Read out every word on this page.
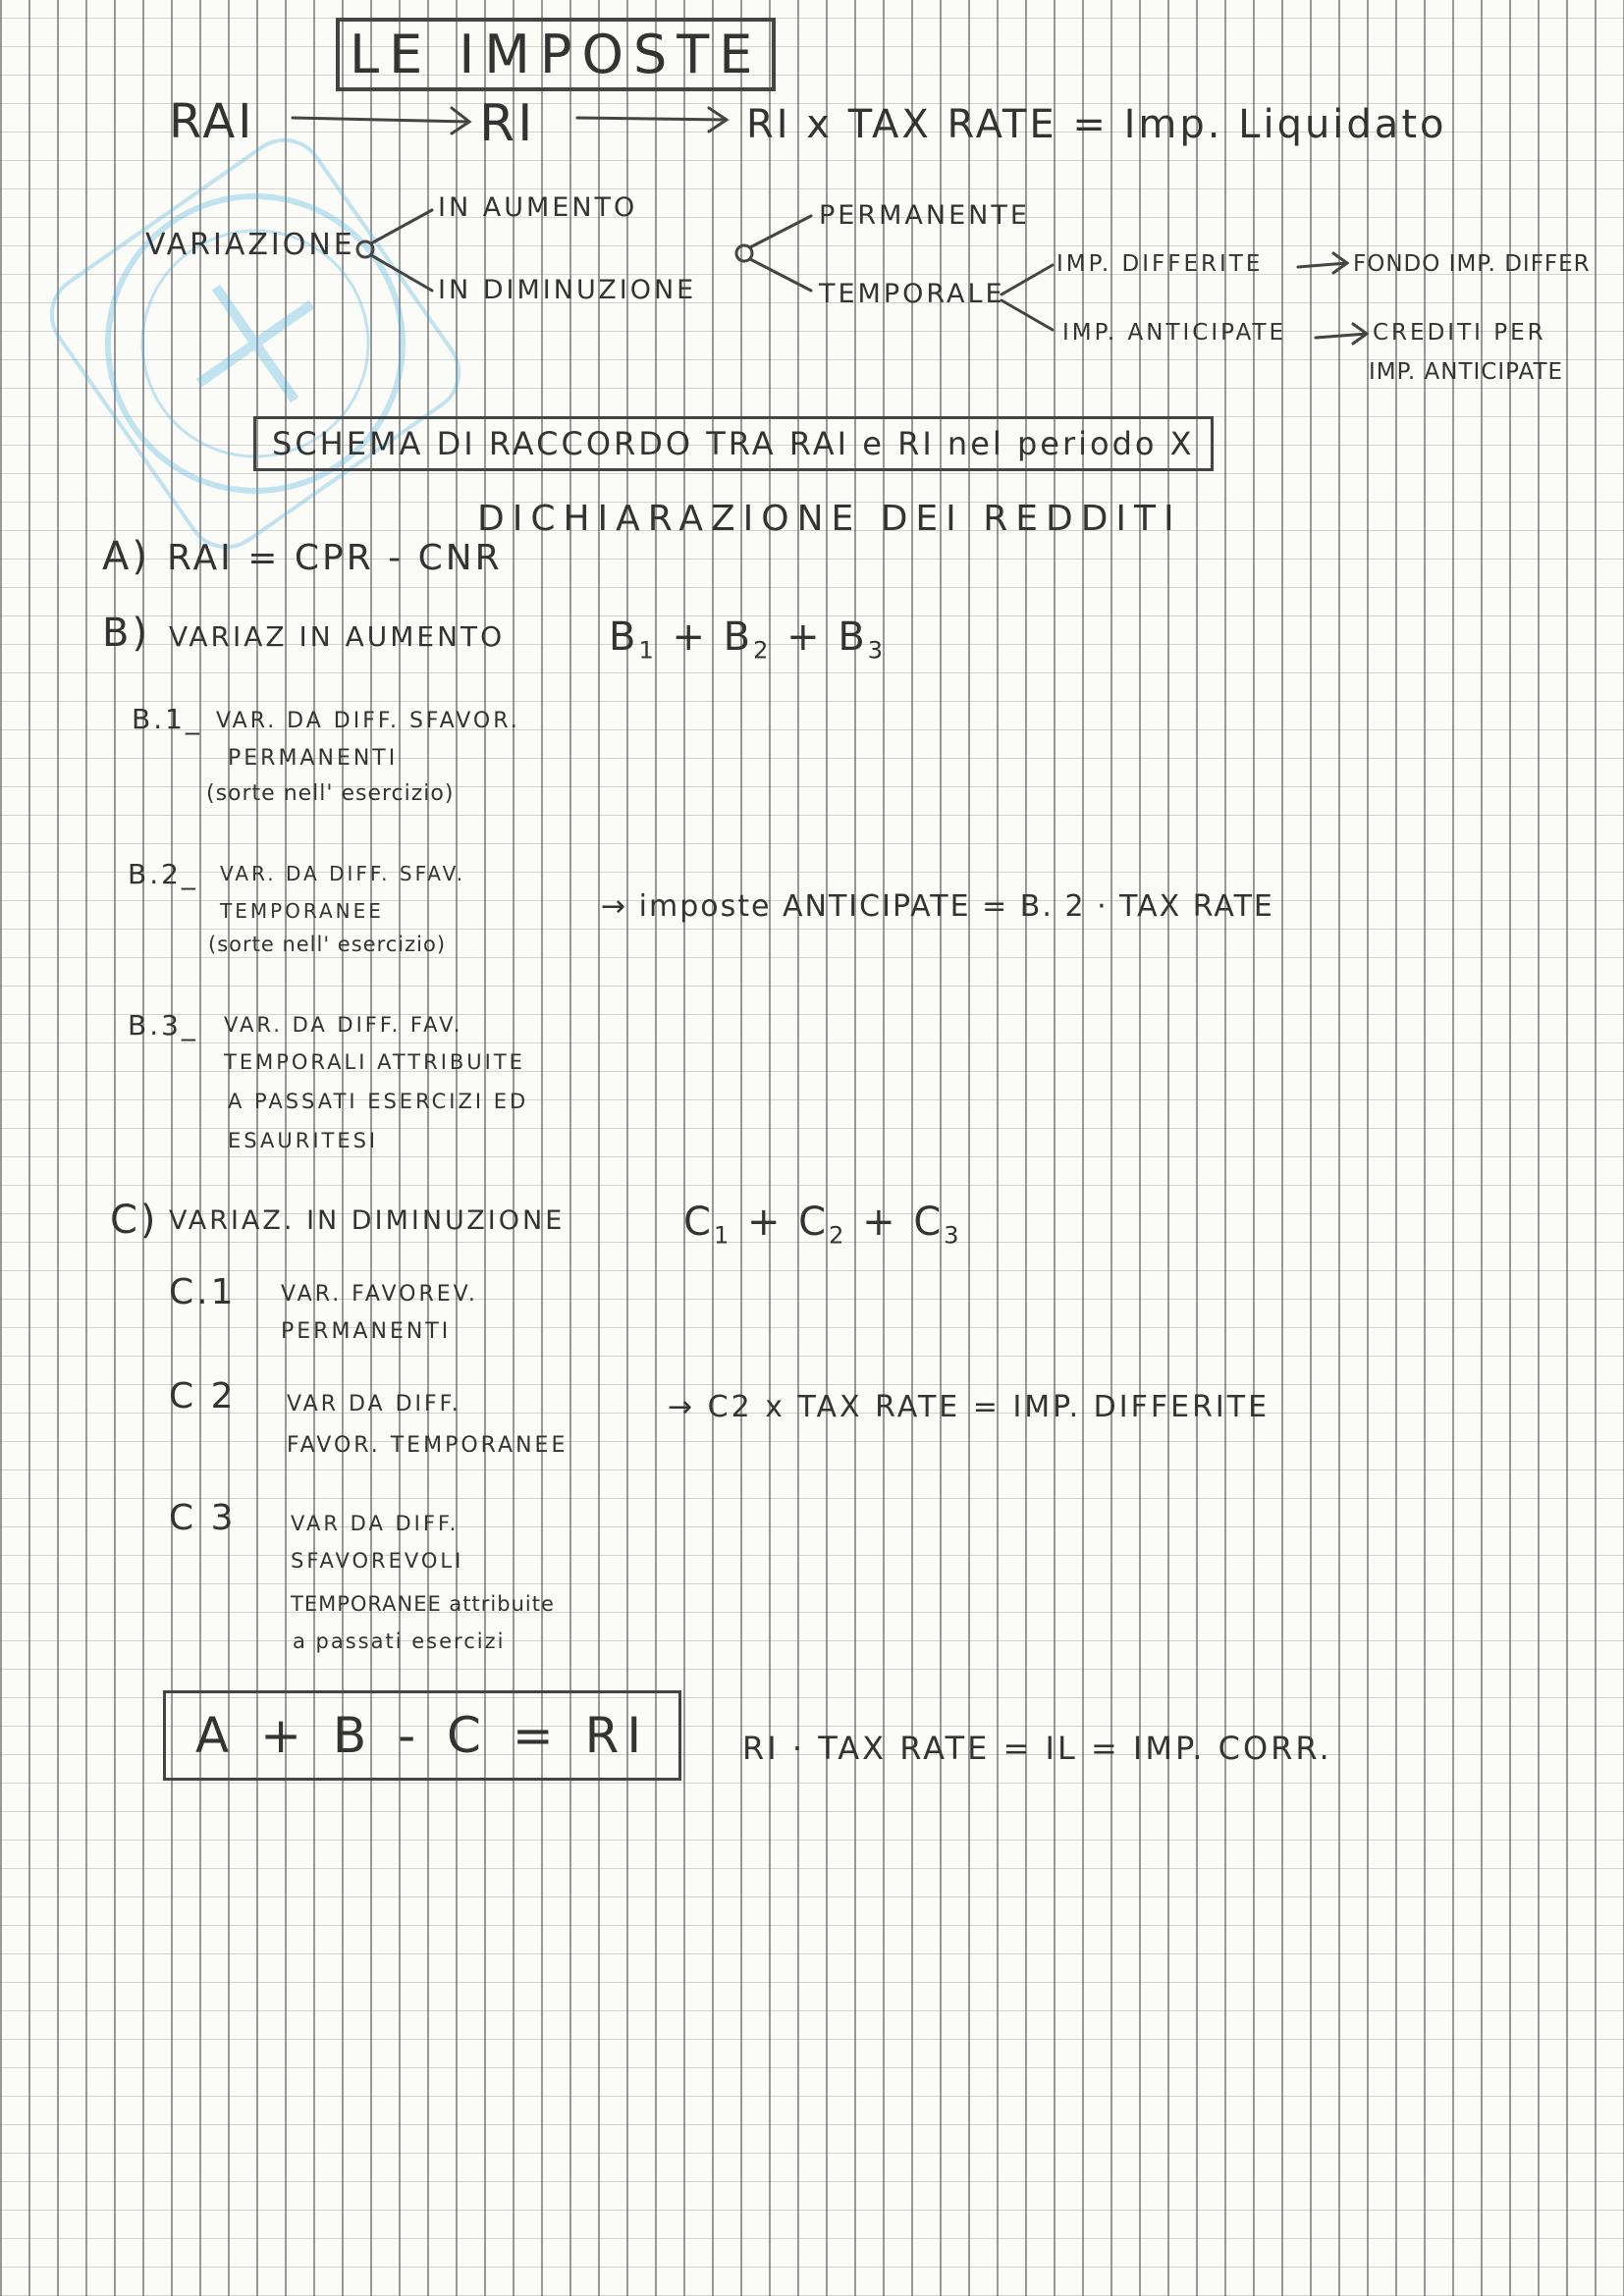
LE IMPOSTE
RAI	RI	RI x TAX RATE = Imp. Liquidato
VARIAZIONE
IN AUMENTO
IN DIMINUZIONE
PERMANENTE
TEMPORALE
IMP. DIFFERITE	FONDO IMP. DIFFER
IMP. ANTICIPATE	CREDITI PER
IMP. ANTICIPATE
SCHEMA DI RACCORDO TRA RAI e RI nel periodo X
DICHIARAZIONE DEI REDDITI
A) RAI = CPR - CNR
B) VARIAZ IN AUMENTO	$B_1 + B_2 + B_3$
B.1_ VAR. DA DIFF. SFAVOR.
PERMANENTI
(sorte nell' esercizio)
B.2_ VAR. DA DIFF. SFAV.
TEMPORANEE
(sorte nell' esercizio)
→ imposte ANTICIPATE = B. 2 · TAX RATE
B.3_ VAR. DA DIFF. FAV.
TEMPORALI ATTRIBUITE
A PASSATI ESERCIZI ED
ESAURITESI
C) VARIAZ. IN DIMINUZIONE	$C_1 + C_2 + C_3$
C.1 VAR. FAVOREV.
PERMANENTI
C 2 VAR DA DIFF.
FAVOR. TEMPORANEE
→ C2 x TAX RATE = IMP. DIFFERITE
C 3	VAR DA DIFF.
SFAVOREVOLI
TEMPORANEE attribuite
a passati esercizi
A + B - C = RI	RI · TAX RATE = IL = IMP. CORR.
